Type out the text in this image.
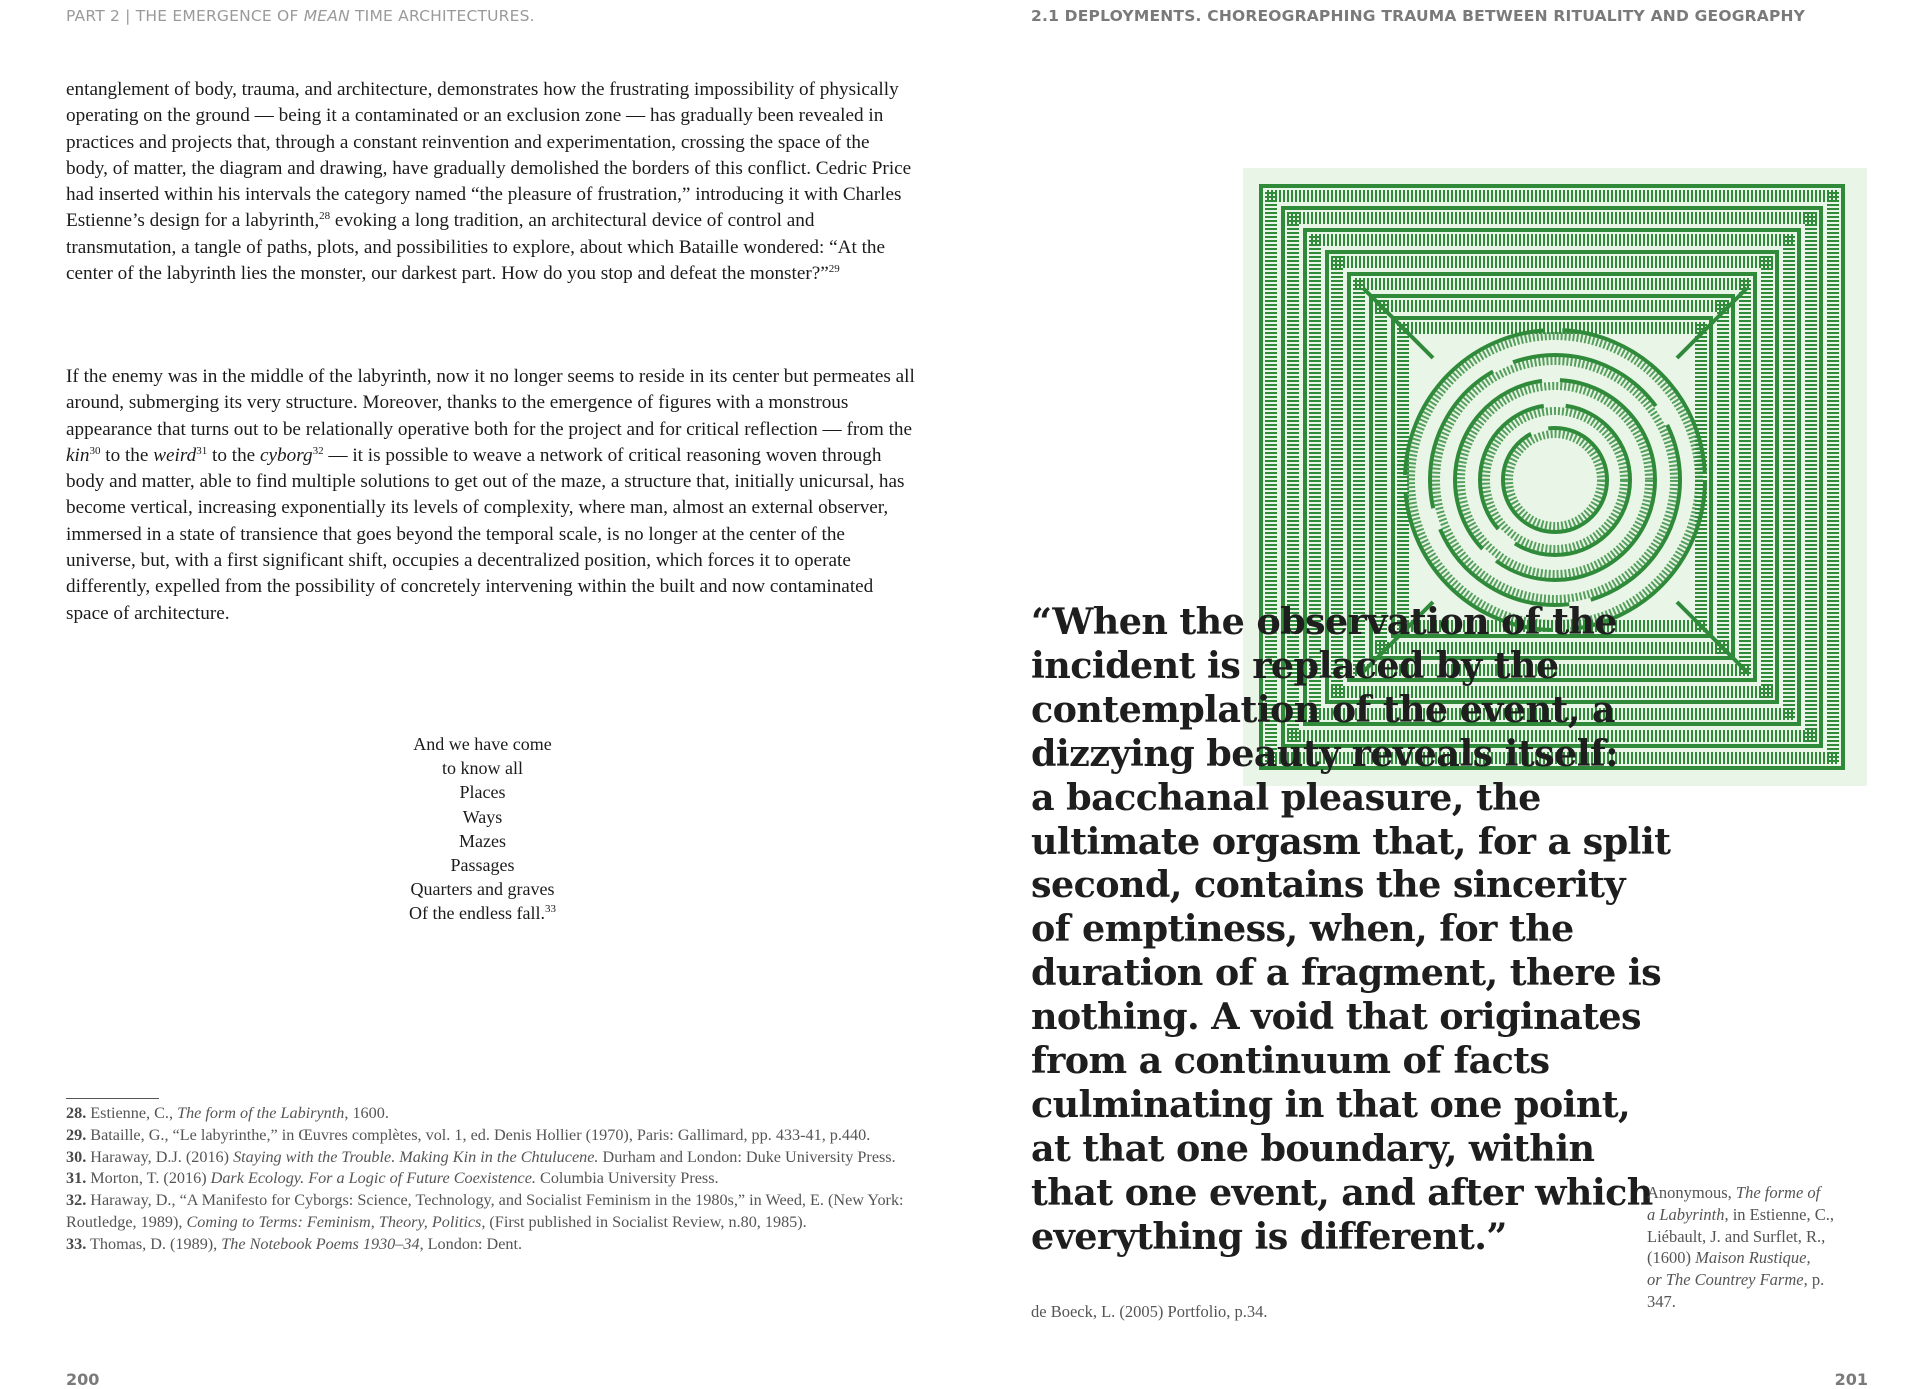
PART 2 | THE EMERGENCE OF MEAN TIME ARCHITECTURES.	2.1 DEPLOYMENTS. CHOREOGRAPHING TRAUMA BETWEEN RITUALITY AND GEOGRAPHY

entanglement of body, trauma, and architecture, demonstrates how the frustrating impossibility of physically operating on the ground — being it a contaminated or an exclusion zone — has gradually been revealed in practices and projects that, through a constant reinvention and experimentation, crossing the space of the body, of matter, the diagram and drawing, have gradually demolished the borders of this conflict. Cedric Price had inserted within his intervals the category named “the pleasure of frustration,” introducing it with Charles Estienne’s design for a labyrinth,$^{28}$ evoking a long tradition, an architectural device of control and transmutation, a tangle of paths, plots, and possibilities to explore, about which Bataille wondered: “At the center of the labyrinth lies the monster, our darkest part. How do you stop and defeat the monster?”$^{29}$

If the enemy was in the middle of the labyrinth, now it no longer seems to reside in its center but permeates all around, submerging its very structure. Moreover, thanks to the emergence of figures with a monstrous appearance that turns out to be relationally operative both for the project and for critical reflection — from the kin$^{30}$ to the weird$^{31}$ to the cyborg$^{32}$ — it is possible to weave a network of critical reasoning woven through body and matter, able to find multiple solutions to get out of the maze, a structure that, initially unicursal, has become vertical, increasing exponentially its levels of complexity, where man, almost an external observer, immersed in a state of transience that goes beyond the temporal scale, is no longer at the center of the universe, but, with a first significant shift, occupies a decentralized position, which forces it to operate differently, expelled from the possibility of concretely intervening within the built and now contaminated space of architecture.

And we have come
to know all
Places
Ways
Mazes
Passages
Quarters and graves
Of the endless fall.$^{33}$

28. Estienne, C., The form of the Labirynth, 1600.

29. Bataille, G., “Le labyrinthe,” in Œuvres complètes, vol. 1, ed. Denis Hollier (1970), Paris: Gallimard, pp. 433-41, p.440.

30. Haraway, D.J. (2016) Staying with the Trouble. Making Kin in the Chtulucene. Durham and London: Duke University Press.

31. Morton, T. (2016) Dark Ecology. For a Logic of Future Coexistence. Columbia University Press.

32. Haraway, D., “A Manifesto for Cyborgs: Science, Technology, and Socialist Feminism in the 1980s,” in Weed, E. (New York: Routledge, 1989), Coming to Terms: Feminism, Theory, Politics, (First published in Socialist Review, n.80, 1985).

33. Thomas, D. (1989), The Notebook Poems 1930–34, London: Dent.

200
“When the observation of the
incident is replaced by the
contemplation of the event, a
dizzying beauty reveals itself:
a bacchanal pleasure, the
ultimate orgasm that, for a split
second, contains the sincerity
of emptiness, when, for the
duration of a fragment, there is
nothing. A void that originates
from a continuum of facts
culminating in that one point,
at that one boundary, within
that one event, and after which
everything is different.”
de Boeck, L. (2005) Portfolio, p.34.
Anonymous, The forme of
a Labyrinth, in Estienne, C.,
Liébault, J. and Surflet, R.,
(1600) Maison Rustique,
or The Countrey Farme, p.
347.
201
